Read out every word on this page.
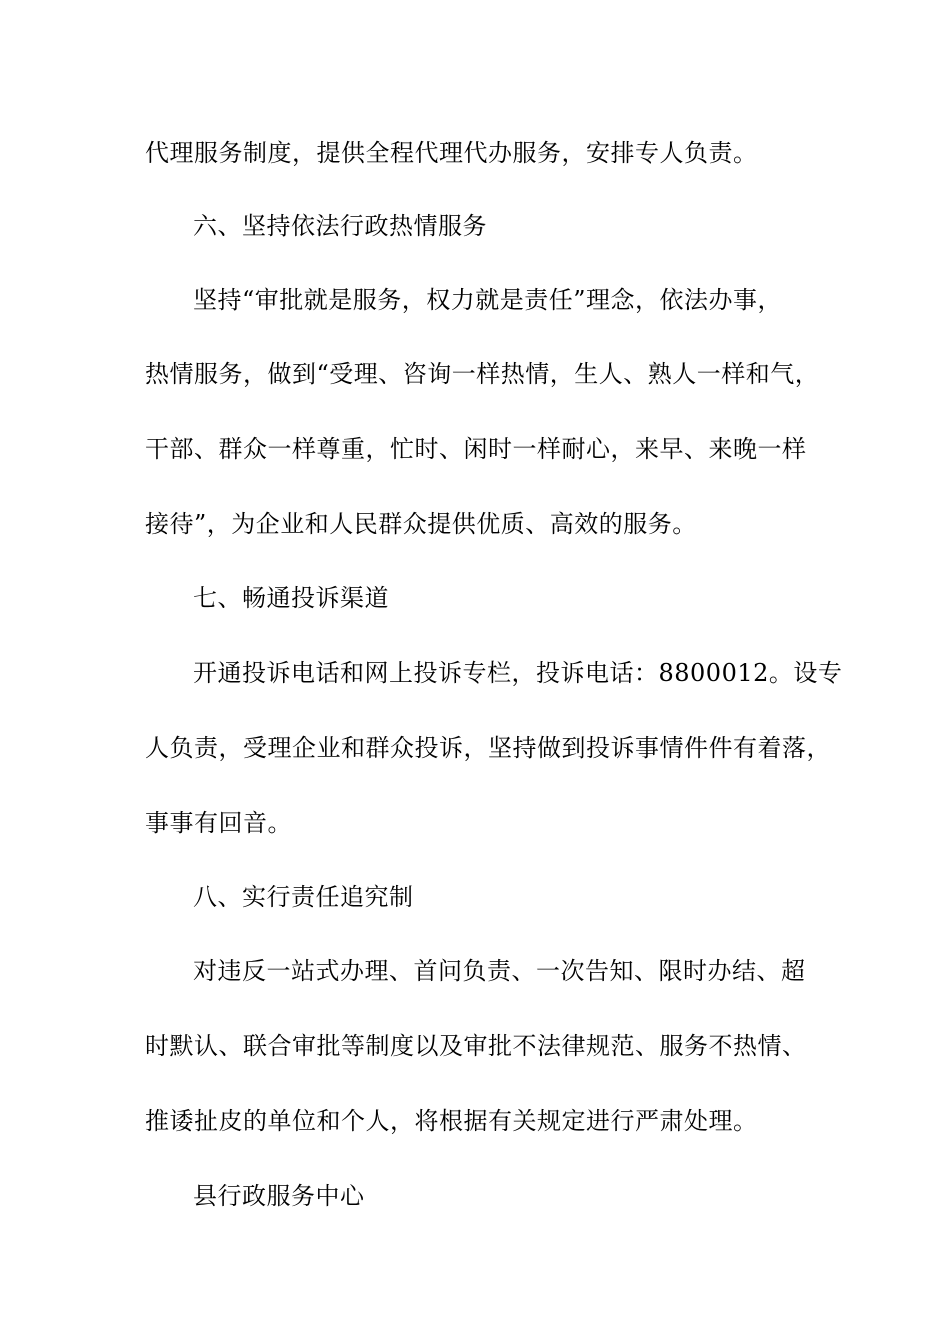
代理服务制度，提供全程代理代办服务，安排专人负责。
六、坚持依法行政热情服务
坚持“审批就是服务，权力就是责任”理念，依法办事，
热情服务，做到“受理、咨询一样热情，生人、熟人一样和气，
干部、群众一样尊重，忙时、闲时一样耐心，来早、来晚一样
接待”，为企业和人民群众提供优质、高效的服务。
七、畅通投诉渠道
开通投诉电话和网上投诉专栏，投诉电话：8800012。设专
人负责，受理企业和群众投诉，坚持做到投诉事情件件有着落，
事事有回音。
八、实行责任追究制
对违反一站式办理、首问负责、一次告知、限时办结、超
时默认、联合审批等制度以及审批不法律规范、服务不热情、
推诿扯皮的单位和个人，将根据有关规定进行严肃处理。
县行政服务中心
